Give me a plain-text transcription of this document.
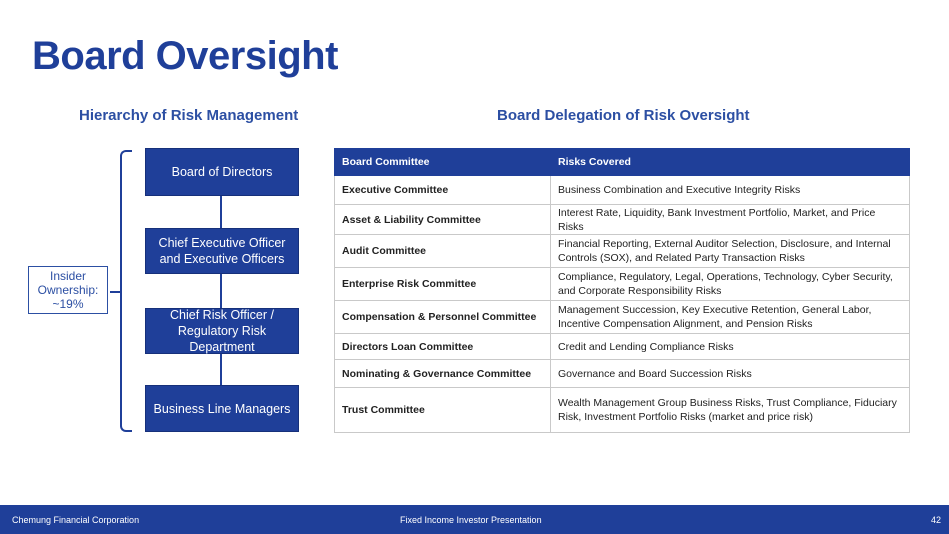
Board Oversight
Hierarchy of Risk Management	Board Delegation of Risk Oversight
Board of Directors
Chief Executive Officer and Executive Officers
Chief Risk Officer / Regulatory Risk Department
Business Line Managers
Insider
Ownership:
~19%
Board Committee	Risks Covered
Executive Committee	Business Combination and Executive Integrity Risks
Asset & Liability Committee	Interest Rate, Liquidity, Bank Investment Portfolio, Market, and Price Risks
Audit Committee	Financial Reporting, External Auditor Selection, Disclosure, and Internal Controls (SOX), and Related Party Transaction Risks
Enterprise Risk Committee	Compliance, Regulatory, Legal, Operations, Technology, Cyber Security, and Corporate Responsibility Risks
Compensation & Personnel Committee	Management Succession, Key Executive Retention, General Labor, Incentive Compensation Alignment, and Pension Risks
Directors Loan Committee	Credit and Lending Compliance Risks
Nominating & Governance Committee	Governance and Board Succession Risks
Trust Committee	Wealth Management Group Business Risks, Trust Compliance, Fiduciary Risk, Investment Portfolio Risks (market and price risk)
Chemung Financial Corporation	Fixed Income Investor Presentation	42
